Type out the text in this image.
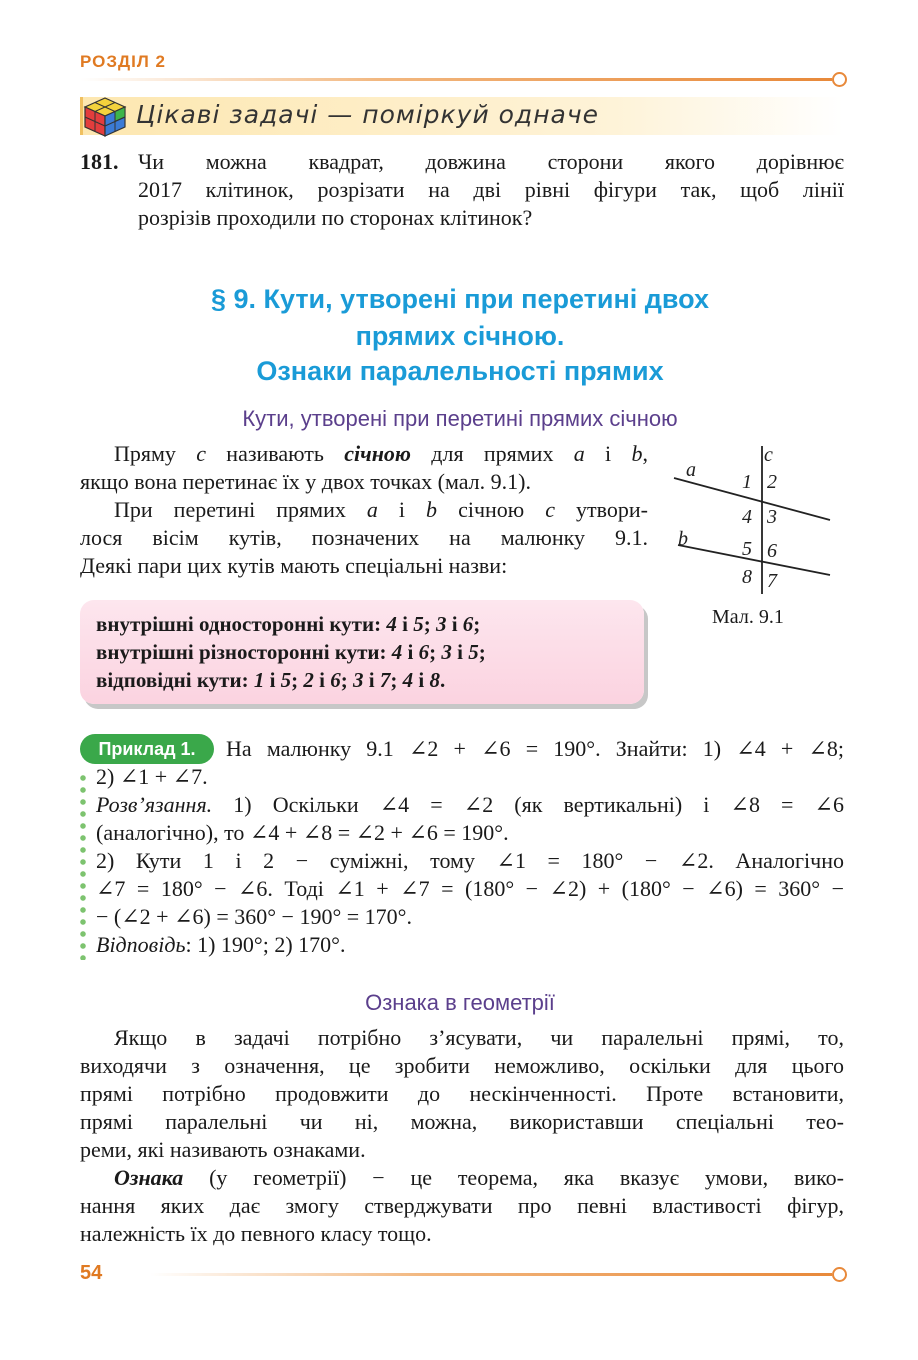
РОЗДІЛ 2
Цікаві задачі — поміркуй одначе
181. Чи можна квадрат, довжина сторони якого дорівнює
2017 клітинок, розрізати на дві рівні фігури так, щоб лінії
розрізів проходили по сторонах клітинок?
§ 9. Кути, утворені при перетині двох
прямих січною.
Ознаки паралельності прямих
Кути, утворені при перетині прямих січною
Пряму c називають січною для прямих a і b,
якщо вона перетинає їх у двох точках (мал. 9.1).
При перетині прямих a і b січною c утвори-
лося вісім кутів, позначених на малюнку 9.1.
Деякі пари цих кутів мають спеціальні назви:
c
a
b
1 2
4 3
5 6
8 7
Мал. 9.1
внутрішні односторонні кути: 4 і 5; 3 і 6;
внутрішні різносторонні кути: 4 і 6; 3 і 5;
відповідні кути: 1 і 5; 2 і 6; 3 і 7; 4 і 8.
Приклад 1.	На малюнку 9.1 ∠2 + ∠6 = 190°. Знайти: 1) ∠4 + ∠8;
2) ∠1 + ∠7.
Розв’язання. 1) Оскільки ∠4 = ∠2 (як вертикальні) і ∠8 = ∠6
(аналогічно), то ∠4 + ∠8 = ∠2 + ∠6 = 190°.
2) Кути 1 і 2 − суміжні, тому ∠1 = 180° − ∠2. Аналогічно
∠7 = 180° − ∠6. Тоді ∠1 + ∠7 = (180° − ∠2) + (180° − ∠6) = 360° −
− (∠2 + ∠6) = 360° − 190° = 170°.
Відповідь: 1) 190°; 2) 170°.
Ознака в геометрії
Якщо в задачі потрібно з’ясувати, чи паралельні прямі, то,
виходячи з означення, це зробити неможливо, оскільки для цього
прямі потрібно продовжити до нескінченності. Проте встановити,
прямі паралельні чи ні, можна, використавши спеціальні тео-
реми, які називають ознаками.
Ознака (у геометрії) − це теорема, яка вказує умови, вико-
нання яких дає змогу стверджувати про певні властивості фігур,
належність їх до певного класу тощо.
54
